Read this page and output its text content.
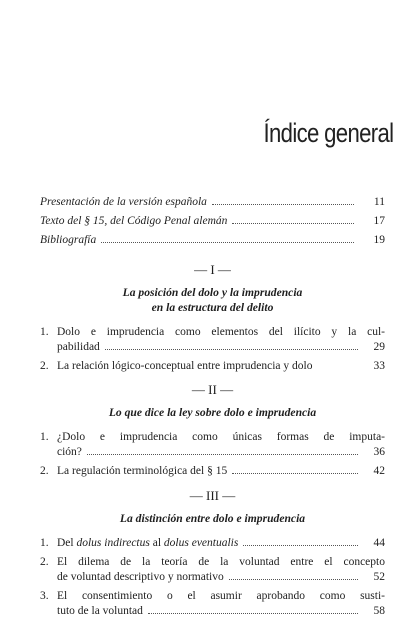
Índice general
Presentación de la versión española	11
Texto del § 15, del Código Penal alemán	17
Bibliografía	19
— I —
La posición del dolo y la imprudencia
en la estructura del delito
1. Dolo e imprudencia como elementos del ilícito y la cul-
pabilidad	29
2. La relación lógico-conceptual entre imprudencia y dolo	33
— II —
Lo que dice la ley sobre dolo e imprudencia
1. ¿Dolo e imprudencia como únicas formas de imputa-
ción?	36
2. La regulación terminológica del § 15	42
— III —
La distinción entre dolo e imprudencia
1. Del dolus indirectus al dolus eventualis	44
2. El dilema de la teoría de la voluntad entre el concepto
de voluntad descriptivo y normativo	52
3. El consentimiento o el asumir aprobando como susti-
tuto de la voluntad	58
